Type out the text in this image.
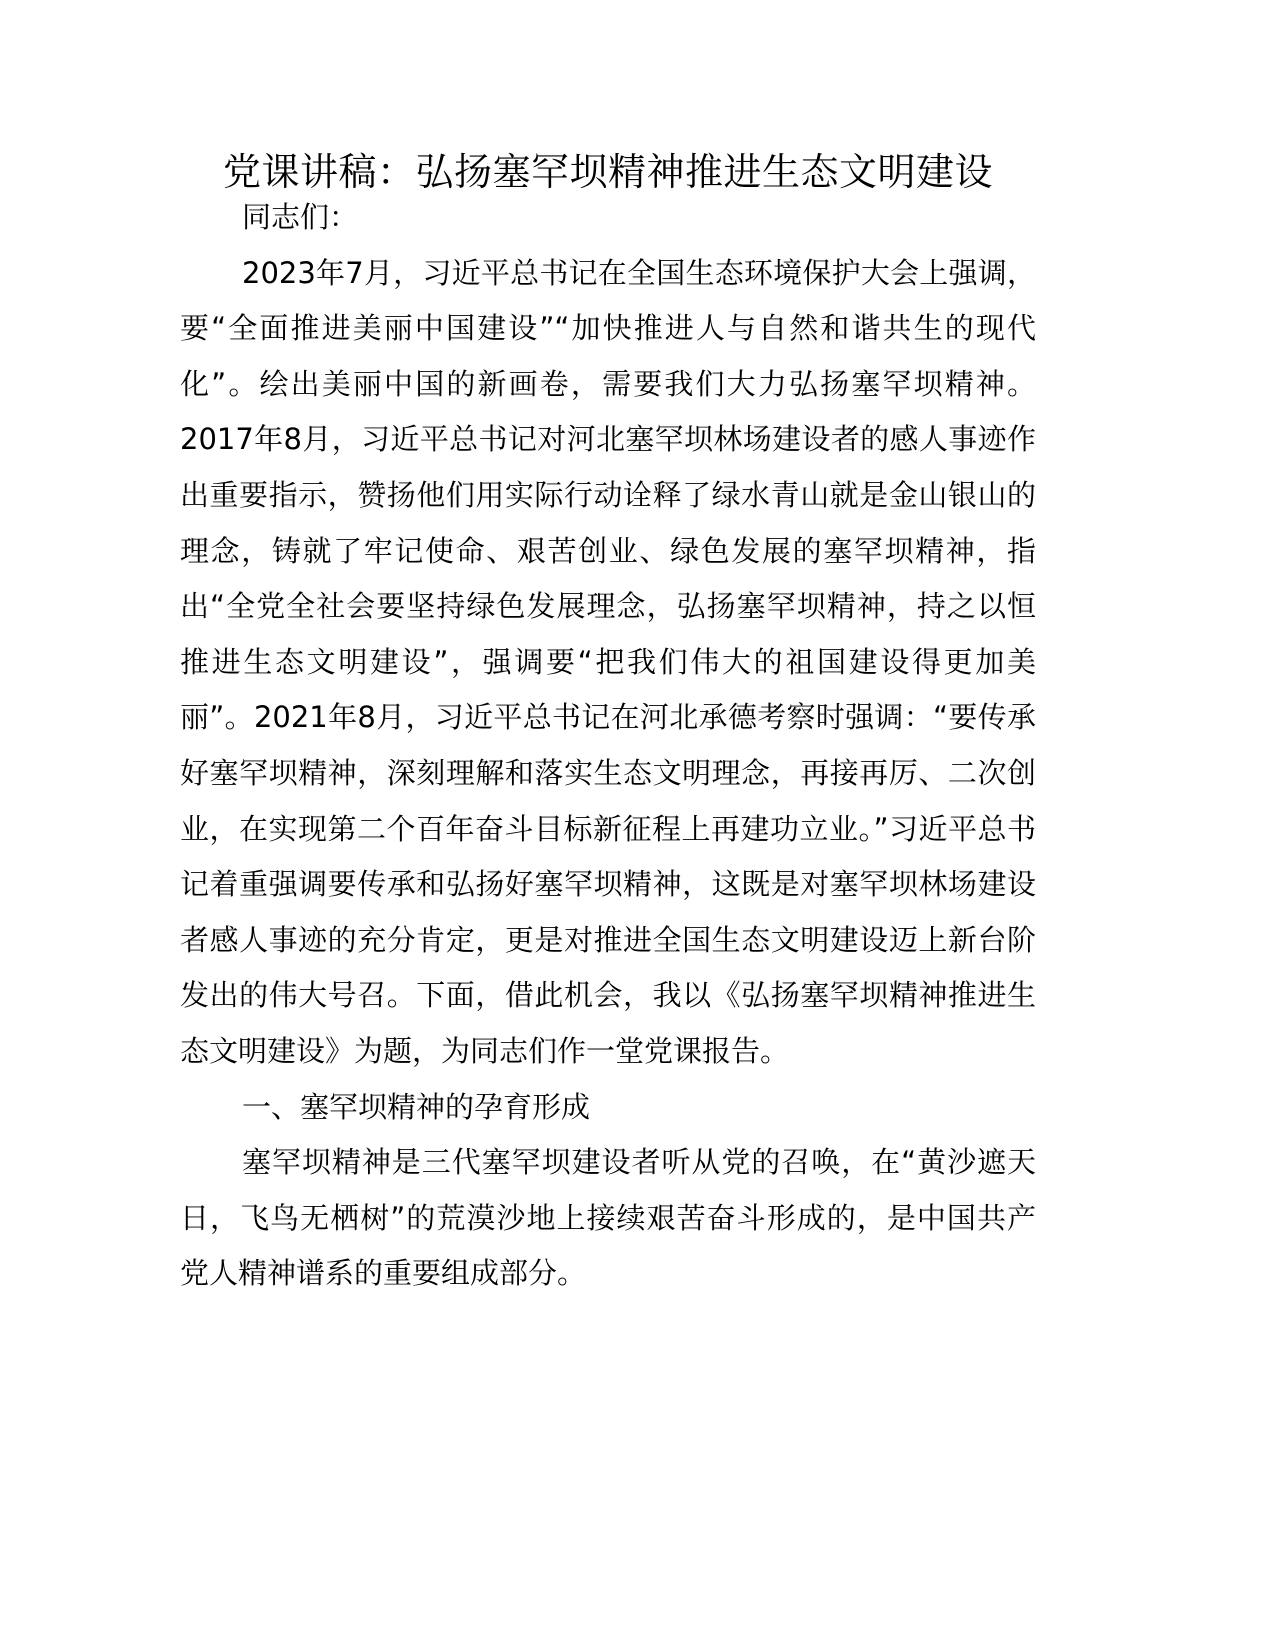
党课讲稿：弘扬塞罕坝精神推进生态文明建设

同志们：

2023年7月，习近平总书记在全国生态环境保护大会上强调，要“全面推进美丽中国建设”“加快推进人与自然和谐共生的现代化”。绘出美丽中国的新画卷，需要我们大力弘扬塞罕坝精神。2017年8月，习近平总书记对河北塞罕坝林场建设者的感人事迹作出重要指示，赞扬他们用实际行动诠释了绿水青山就是金山银山的理念，铸就了牢记使命、艰苦创业、绿色发展的塞罕坝精神，指出“全党全社会要坚持绿色发展理念，弘扬塞罕坝精神，持之以恒推进生态文明建设”，强调要“把我们伟大的祖国建设得更加美丽”。2021年8月，习近平总书记在河北承德考察时强调：“要传承好塞罕坝精神，深刻理解和落实生态文明理念，再接再厉、二次创业，在实现第二个百年奋斗目标新征程上再建功立业。”习近平总书记着重强调要传承和弘扬好塞罕坝精神，这既是对塞罕坝林场建设者感人事迹的充分肯定，更是对推进全国生态文明建设迈上新台阶发出的伟大号召。下面，借此机会，我以《弘扬塞罕坝精神推进生态文明建设》为题，为同志们作一堂党课报告。

一、塞罕坝精神的孕育形成

塞罕坝精神是三代塞罕坝建设者听从党的召唤，在“黄沙遮天日，飞鸟无栖树”的荒漠沙地上接续艰苦奋斗形成的，是中国共产党人精神谱系的重要组成部分。
